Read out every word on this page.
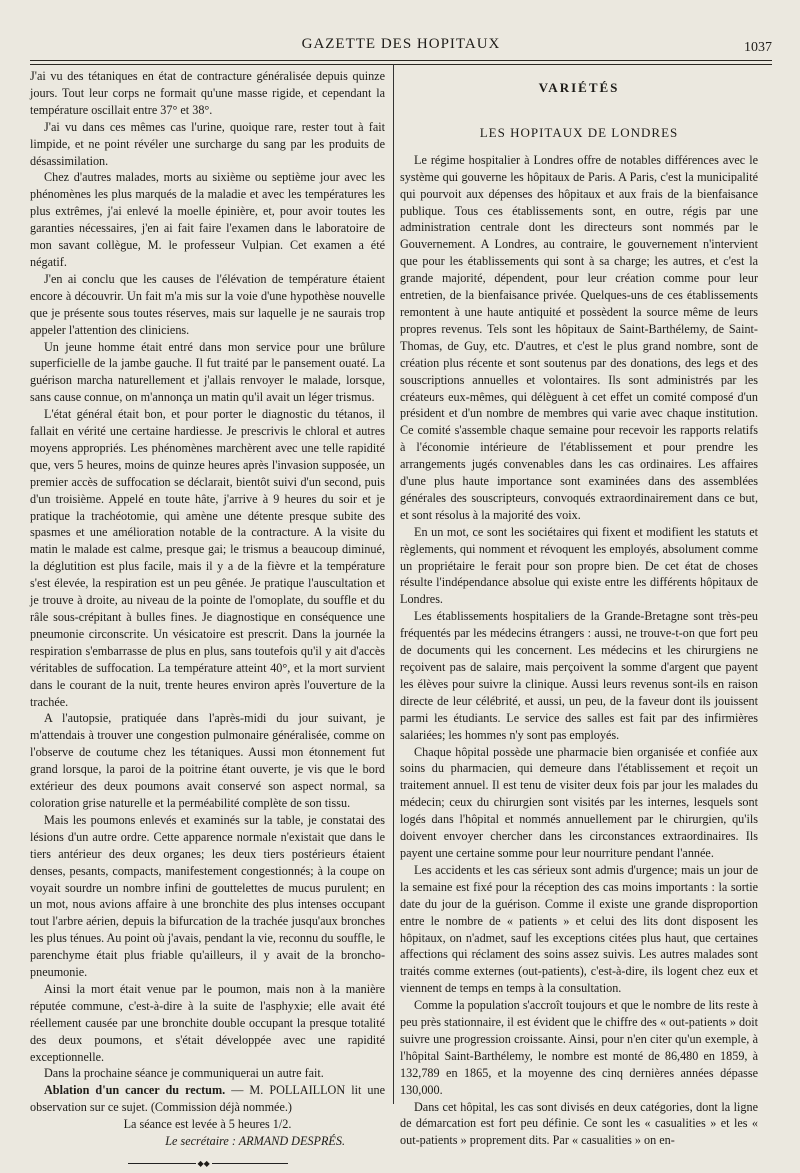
GAZETTE DES HOPITAUX	1037

J'ai vu des tétaniques en état de contracture généralisée depuis quinze jours. Tout leur corps ne formait qu'une masse rigide, et cependant la température oscillait entre 37° et 38°.

J'ai vu dans ces mêmes cas l'urine, quoique rare, rester tout à fait limpide, et ne point révéler une surcharge du sang par les produits de désassimilation.

Chez d'autres malades, morts au sixième ou septième jour avec les phénomènes les plus marqués de la maladie et avec les températures les plus extrêmes, j'ai enlevé la moelle épinière, et, pour avoir toutes les garanties nécessaires, j'en ai fait faire l'examen dans le laboratoire de mon savant collègue, M. le professeur Vulpian. Cet examen a été négatif.

J'en ai conclu que les causes de l'élévation de température étaient encore à découvrir. Un fait m'a mis sur la voie d'une hypothèse nouvelle que je présente sous toutes réserves, mais sur laquelle je ne saurais trop appeler l'attention des cliniciens.

Un jeune homme était entré dans mon service pour une brûlure superficielle de la jambe gauche. Il fut traité par le pansement ouaté. La guérison marcha naturellement et j'allais renvoyer le malade, lorsque, sans cause connue, on m'annonça un matin qu'il avait un léger trismus.

L'état général était bon, et pour porter le diagnostic du tétanos, il fallait en vérité une certaine hardiesse. Je prescrivis le chloral et autres moyens appropriés. Les phénomènes marchèrent avec une telle rapidité que, vers 5 heures, moins de quinze heures après l'invasion supposée, un premier accès de suffocation se déclarait, bientôt suivi d'un second, puis d'un troisième. Appelé en toute hâte, j'arrive à 9 heures du soir et je pratique la trachéotomie, qui amène une détente presque subite des spasmes et une amélioration notable de la contracture. A la visite du matin le malade est calme, presque gai; le trismus a beaucoup diminué, la déglutition est plus facile, mais il y a de la fièvre et la température s'est élevée, la respiration est un peu gênée. Je pratique l'auscultation et je trouve à droite, au niveau de la pointe de l'omoplate, du souffle et du râle sous-crépitant à bulles fines. Je diagnostique en conséquence une pneumonie circonscrite. Un vésicatoire est prescrit. Dans la journée la respiration s'embarrasse de plus en plus, sans toutefois qu'il y ait d'accès véritables de suffocation. La température atteint 40°, et la mort survient dans le courant de la nuit, trente heures environ après l'ouverture de la trachée.

A l'autopsie, pratiquée dans l'après-midi du jour suivant, je m'attendais à trouver une congestion pulmonaire généralisée, comme on l'observe de coutume chez les tétaniques. Aussi mon étonnement fut grand lorsque, la paroi de la poitrine étant ouverte, je vis que le bord extérieur des deux poumons avait conservé son aspect normal, sa coloration grise naturelle et la perméabilité complète de son tissu.

Mais les poumons enlevés et examinés sur la table, je constatai des lésions d'un autre ordre. Cette apparence normale n'existait que dans le tiers antérieur des deux organes; les deux tiers postérieurs étaient denses, pesants, compacts, manifestement congestionnés; à la coupe on voyait sourdre un nombre infini de gouttelettes de mucus purulent; en un mot, nous avions affaire à une bronchite des plus intenses occupant tout l'arbre aérien, depuis la bifurcation de la trachée jusqu'aux bronches les plus ténues. Au point où j'avais, pendant la vie, reconnu du souffle, le parenchyme était plus friable qu'ailleurs, il y avait de la broncho-pneumonie.

Ainsi la mort était venue par le poumon, mais non à la manière réputée commune, c'est-à-dire à la suite de l'asphyxie; elle avait été réellement causée par une bronchite double occupant la presque totalité des deux poumons, et s'était développée avec une rapidité exceptionnelle.

Dans la prochaine séance je communiquerai un autre fait.

Ablation d'un cancer du rectum. — M. POLLAILLON lit une observation sur ce sujet. (Commission déjà nommée.)

La séance est levée à 5 heures 1/2.

Le secrétaire : ARMAND DESPRÉS.

◆◆
VARIÉTÉS
LES HOPITAUX DE LONDRES

Le régime hospitalier à Londres offre de notables différences avec le système qui gouverne les hôpitaux de Paris. A Paris, c'est la municipalité qui pourvoit aux dépenses des hôpitaux et aux frais de la bienfaisance publique. Tous ces établissements sont, en outre, régis par une administration centrale dont les directeurs sont nommés par le Gouvernement. A Londres, au contraire, le gouvernement n'intervient que pour les établissements qui sont à sa charge; les autres, et c'est la grande majorité, dépendent, pour leur création comme pour leur entretien, de la bienfaisance privée. Quelques-uns de ces établissements remontent à une haute antiquité et possèdent la source même de leurs propres revenus. Tels sont les hôpitaux de Saint-Barthélemy, de Saint-Thomas, de Guy, etc. D'autres, et c'est le plus grand nombre, sont de création plus récente et sont soutenus par des donations, des legs et des souscriptions annuelles et volontaires. Ils sont administrés par les créateurs eux-mêmes, qui délèguent à cet effet un comité composé d'un président et d'un nombre de membres qui varie avec chaque institution. Ce comité s'assemble chaque semaine pour recevoir les rapports relatifs à l'économie intérieure de l'établissement et pour prendre les arrangements jugés convenables dans les cas ordinaires. Les affaires d'une plus haute importance sont examinées dans des assemblées générales des souscripteurs, convoqués extraordinairement dans ce but, et sont résolus à la majorité des voix.

En un mot, ce sont les sociétaires qui fixent et modifient les statuts et règlements, qui nomment et révoquent les employés, absolument comme un propriétaire le ferait pour son propre bien. De cet état de choses résulte l'indépendance absolue qui existe entre les différents hôpitaux de Londres.

Les établissements hospitaliers de la Grande-Bretagne sont très-peu fréquentés par les médecins étrangers : aussi, ne trouve-t-on que fort peu de documents qui les concernent. Les médecins et les chirurgiens ne reçoivent pas de salaire, mais perçoivent la somme d'argent que payent les élèves pour suivre la clinique. Aussi leurs revenus sont-ils en raison directe de leur célébrité, et aussi, un peu, de la faveur dont ils jouissent parmi les étudiants. Le service des salles est fait par des infirmières salariées; les hommes n'y sont pas employés.

Chaque hôpital possède une pharmacie bien organisée et confiée aux soins du pharmacien, qui demeure dans l'établissement et reçoit un traitement annuel. Il est tenu de visiter deux fois par jour les malades du médecin; ceux du chirurgien sont visités par les internes, lesquels sont logés dans l'hôpital et nommés annuellement par le chirurgien, qu'ils doivent envoyer chercher dans les circonstances extraordinaires. Ils payent une certaine somme pour leur nourriture pendant l'année.

Les accidents et les cas sérieux sont admis d'urgence; mais un jour de la semaine est fixé pour la réception des cas moins importants : la sortie date du jour de la guérison. Comme il existe une grande disproportion entre le nombre de « patients » et celui des lits dont disposent les hôpitaux, on n'admet, sauf les exceptions citées plus haut, que certaines affections qui réclament des soins assez suivis. Les autres malades sont traités comme externes (out-patients), c'est-à-dire, ils logent chez eux et viennent de temps en temps à la consultation.

Comme la population s'accroît toujours et que le nombre de lits reste à peu près stationnaire, il est évident que le chiffre des « out-patients » doit suivre une progression croissante. Ainsi, pour n'en citer qu'un exemple, à l'hôpital Saint-Barthélemy, le nombre est monté de 86,480 en 1859, à 132,789 en 1865, et la moyenne des cinq dernières années dépasse 130,000.

Dans cet hôpital, les cas sont divisés en deux catégories, dont la ligne de démarcation est fort peu définie. Ce sont les « casualities » et les « out-patients » proprement dits. Par « casualities » on en-
